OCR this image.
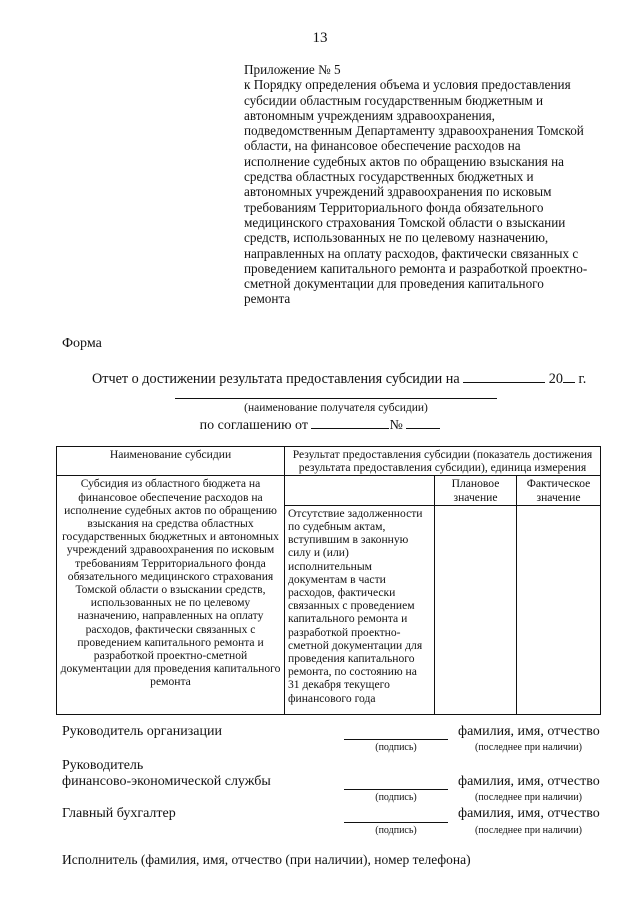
13
Приложение № 5
к Порядку определения объема и условия предоставления
субсидии областным государственным бюджетным и
автономным учреждениям здравоохранения,
подведомственным Департаменту здравоохранения Томской
области, на финансовое обеспечение расходов на
исполнение судебных актов по обращению взыскания на
средства областных государственных бюджетных и
автономных учреждений здравоохранения по исковым
требованиям Территориального фонда обязательного
медицинского страхования Томской области о взыскании
средств, использованных не по целевому назначению,
направленных на оплату расходов, фактически связанных с
проведением капитального ремонта и разработкой проектно-
сметной документации для проведения капитального
ремонта
Форма
Отчет о достижении результата предоставления субсидии на	20 г.
(наименование получателя субсидии)
по соглашению от	№
Наименование субсидии	Результат предоставления субсидии (показатель достижения результата предоставления субсидии), единица измерения		
Субсидия из областного бюджета на финансовое обеспечение расходов на исполнение судебных актов по обращению взыскания на средства областных государственных бюджетных и автономных учреждений здравоохранения по исковым требованиям Территориального фонда обязательного медицинского страхования Томской области о взыскании средств, использованных не по целевому назначению, направленных на оплату расходов, фактически связанных с проведением капитального ремонта и разработкой проектно-сметной документации для проведения капитального ремонта		Плановое значение	Фактическое значение
	Отсутствие задолженности по судебным актам, вступившим в законную силу и (или) исполнительным документам в части расходов, фактически связанных с проведением капитального ремонта и разработкой проектно-сметной документации для проведения капитального ремонта, по состоянию на 31 декабря текущего финансового года		
Руководитель организации
(подпись)
фамилия, имя, отчество
(последнее при наличии)
Руководитель
финансово-экономической службы
(подпись)
фамилия, имя, отчество
(последнее при наличии)
Главный бухгалтер
(подпись)
фамилия, имя, отчество
(последнее при наличии)
Исполнитель (фамилия, имя, отчество (при наличии), номер телефона)
